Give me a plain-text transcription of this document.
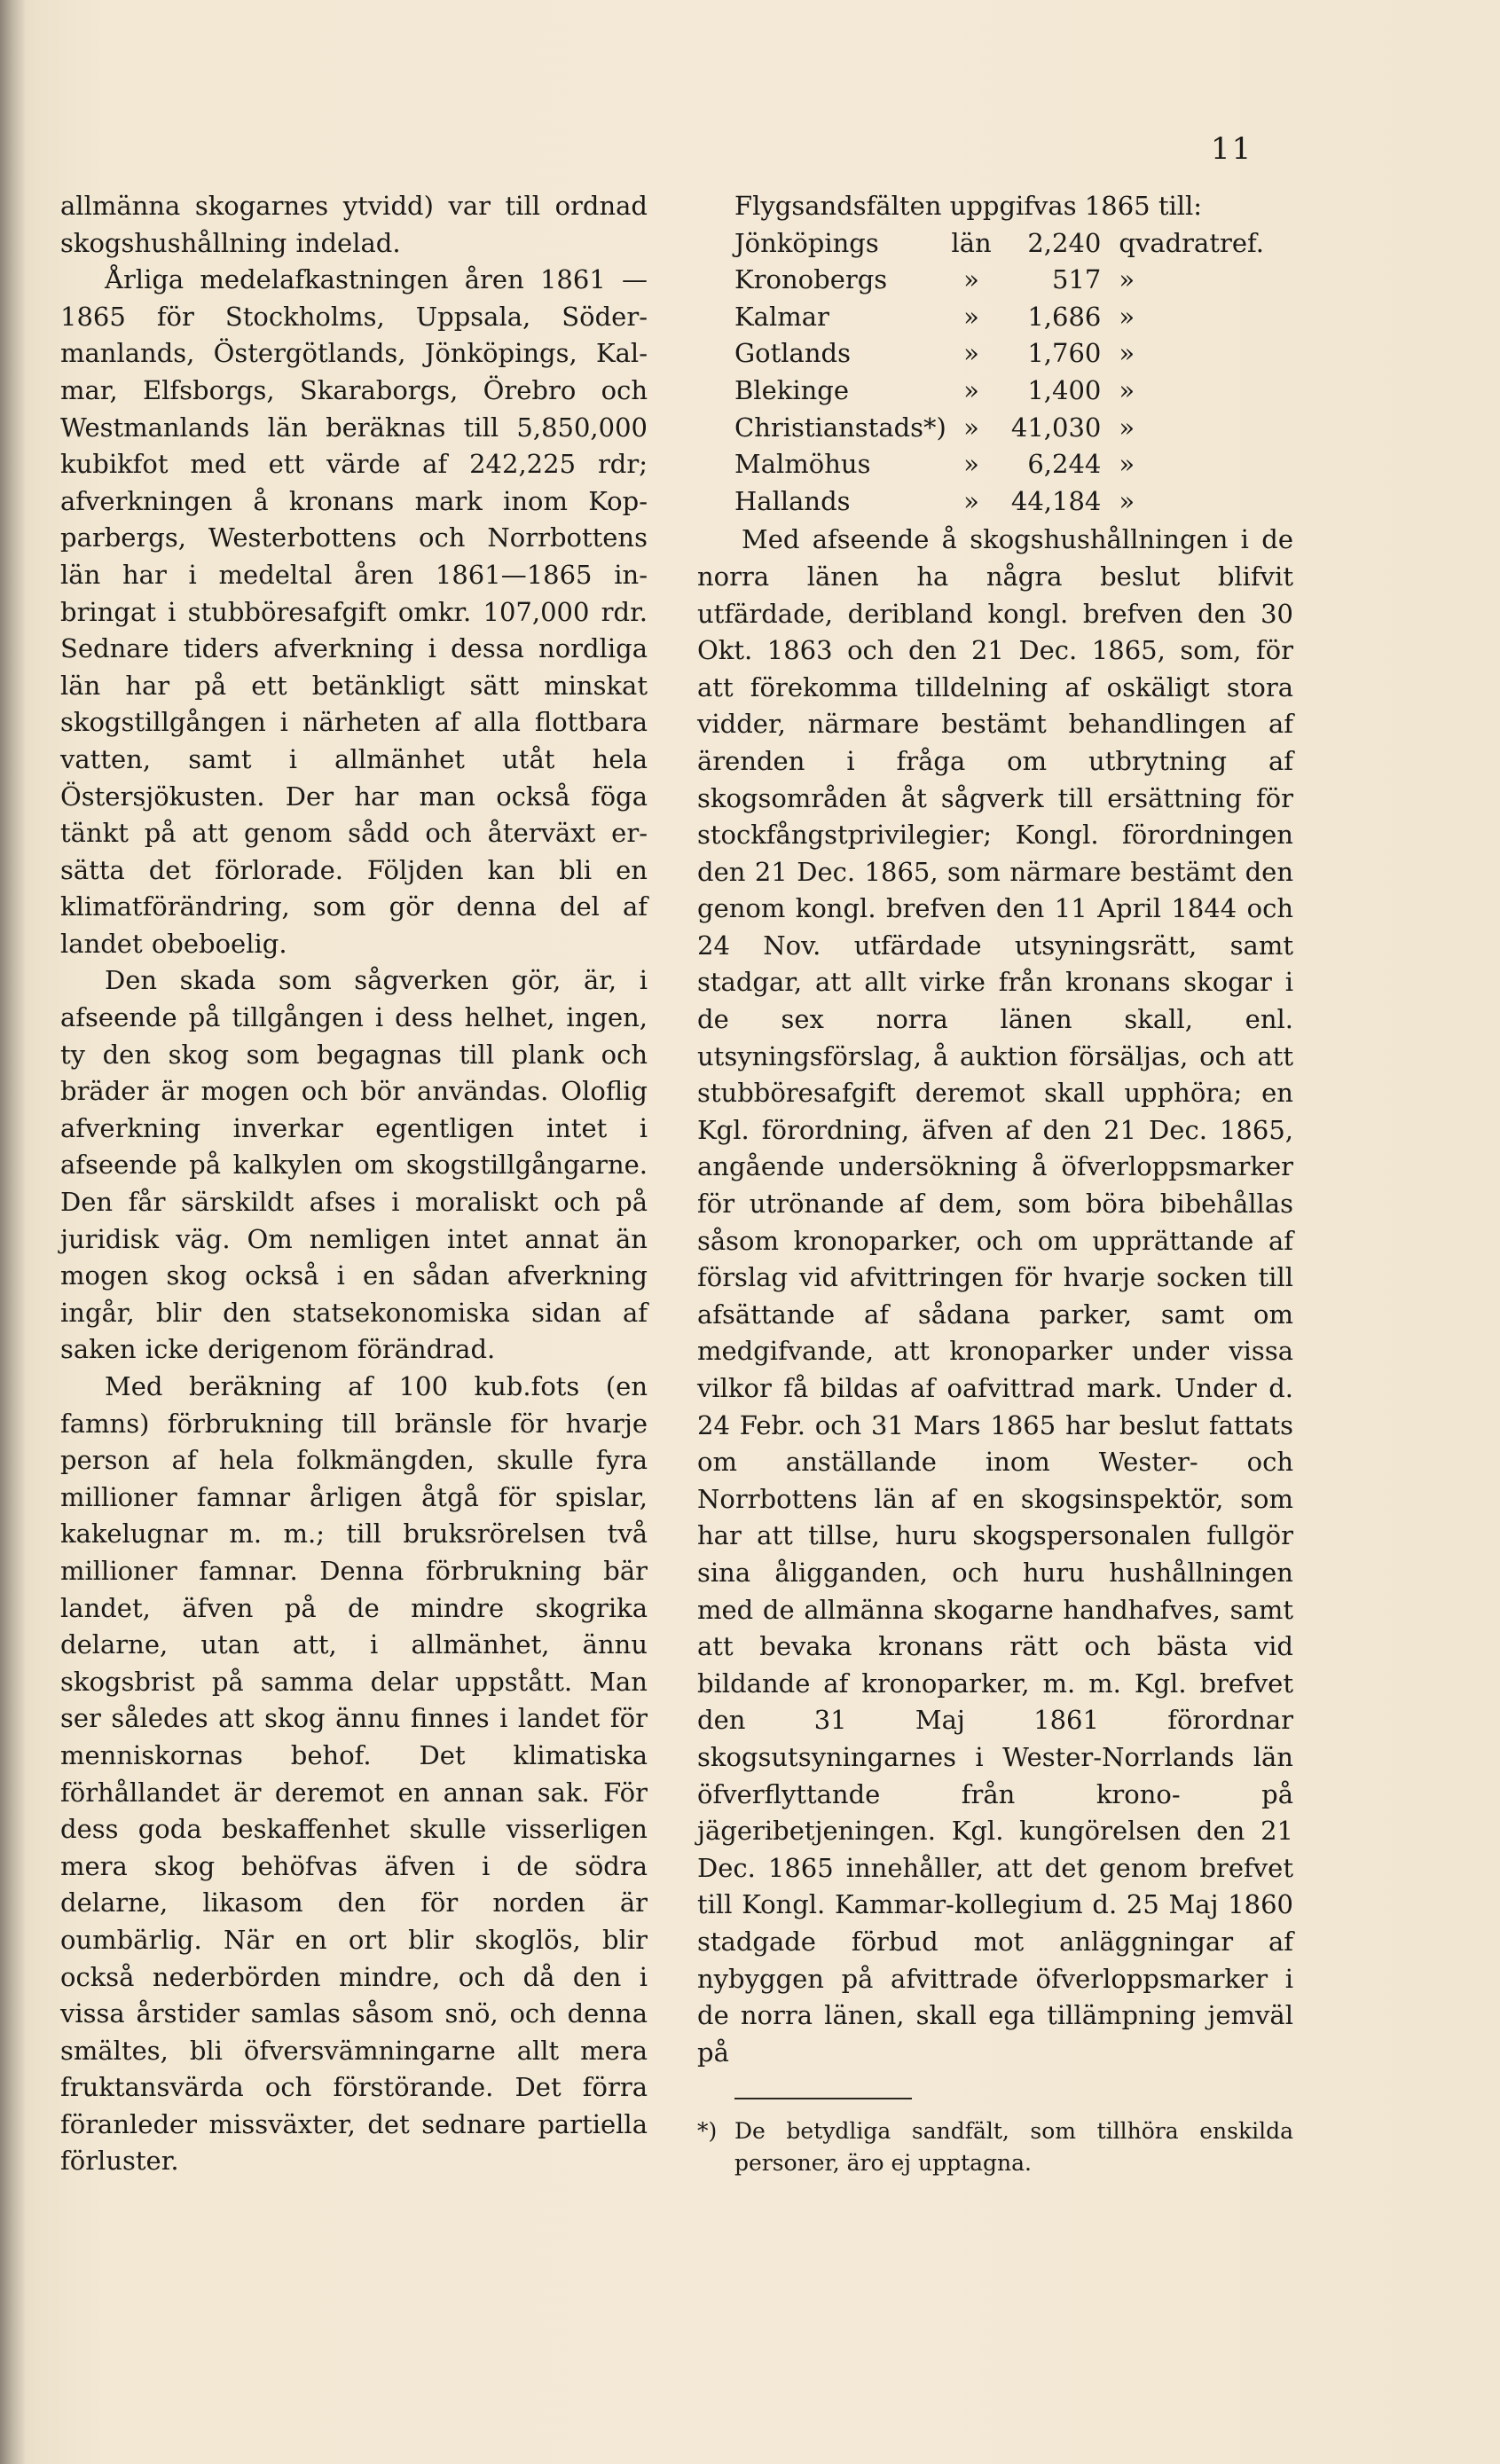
11

allmänna skogarnes ytvidd) var till ordnad skogshushållning indelad.

Årliga medelafkastningen åren 1861 —1865 för Stockholms, Uppsala, Södermanlands, Östergötlands, Jönköpings, Kalmar, Elfsborgs, Skaraborgs, Örebro och Westmanlands län beräknas till 5,850,000 kubikfot med ett värde af 242,225 rdr; afverkningen å kronans mark inom Kopparbergs, Westerbottens och Norrbottens län har i medeltal åren 1861—1865 inbringat i stubböresafgift omkr. 107,000 rdr. Sednare tiders afverkning i dessa nordliga län har på ett betänkligt sätt minskat skogstillgången i närheten af alla flottbara vatten, samt i allmänhet utåt hela Östersjökusten. Der har man också föga tänkt på att genom sådd och återväxt ersätta det förlorade. Följden kan bli en klimatförändring, som gör denna del af landet obeboelig.

Den skada som sågverken gör, är, i afseende på tillgången i dess helhet, ingen, ty den skog som begagnas till plank och bräder är mogen och bör användas. Oloflig afverkning inverkar egentligen intet i afseende på kalkylen om skogstillgångarne. Den får särskildt afses i moraliskt och på juridisk väg. Om nemligen intet annat än mogen skog också i en sådan afverkning ingår, blir den statsekonomiska sidan af saken icke derigenom förändrad.

Med beräkning af 100 kub.fots (en famns) förbrukning till bränsle för hvarje person af hela folkmängden, skulle fyra millioner famnar årligen åtgå för spislar, kakelugnar m. m.; till bruksrörelsen två millioner famnar. Denna förbrukning bär landet, äfven på de mindre skogrika delarne, utan att, i allmänhet, ännu skogsbrist på samma delar uppstått. Man ser således att skog ännu finnes i landet för menniskornas behof. Det klimatiska förhållandet är deremot en annan sak. För dess goda beskaffenhet skulle visserligen mera skog behöfvas äfven i de södra delarne, likasom den för norden är oumbärlig. När en ort blir skoglös, blir också nederbörden mindre, och då den i vissa årstider samlas såsom snö, och denna smältes, bli öfversvämningarne allt mera fruktansvärda och förstörande. Det förra föranleder missväxter, det sednare partiella förluster.

Flygsandsfälten uppgifvas 1865 till:

Jönköpings	län	2,240	qvadratref.
Kronobergs	»	517	»
Kalmar	»	1,686	»
Gotlands	»	1,760	»
Blekinge	»	1,400	»
Christianstads*)	»	41,030	»
Malmöhus	»	6,244	»
Hallands	»	44,184	»

Med afseende å skogshushållningen i de norra länen ha några beslut blifvit utfärdade, deribland kongl. brefven den 30 Okt. 1863 och den 21 Dec. 1865, som, för att förekomma tilldelning af oskäligt stora vidder, närmare bestämt behandlingen af ärenden i fråga om utbrytning af skogsområden åt sågverk till ersättning för stockfångstprivilegier; Kongl. förordningen den 21 Dec. 1865, som närmare bestämt den genom kongl. brefven den 11 April 1844 och 24 Nov. utfärdade utsyningsrätt, samt stadgar, att allt virke från kronans skogar i de sex norra länen skall, enl. utsyningsförslag, å auktion försäljas, och att stubböresafgift deremot skall upphöra; en Kgl. förordning, äfven af den 21 Dec. 1865, angående undersökning å öfverloppsmarker för utrönande af dem, som böra bibehållas såsom kronoparker, och om upprättande af förslag vid afvittringen för hvarje socken till afsättande af sådana parker, samt om medgifvande, att kronoparker under vissa vilkor få bildas af oafvittrad mark. Under d. 24 Febr. och 31 Mars 1865 har beslut fattats om anställande inom Wester- och Norrbottens län af en skogsinspektör, som har att tillse, huru skogspersonalen fullgör sina åligganden, och huru hushållningen med de allmänna skogarne handhafves, samt att bevaka kronans rätt och bästa vid bildande af kronoparker, m. m. Kgl. brefvet den 31 Maj 1861 förordnar skogsutsyningarnes i Wester-Norrlands län öfverflyttande från krono- på jägeribetjeningen. Kgl. kungörelsen den 21 Dec. 1865 innehåller, att det genom brefvet till Kongl. Kammar-kollegium d. 25 Maj 1860 stadgade förbud mot anläggningar af nybyggen på afvittrade öfverloppsmarker i de norra länen, skall ega tillämpning jemväl på

*) De betydliga sandfält, som tillhöra enskilda personer, äro ej upptagna.
